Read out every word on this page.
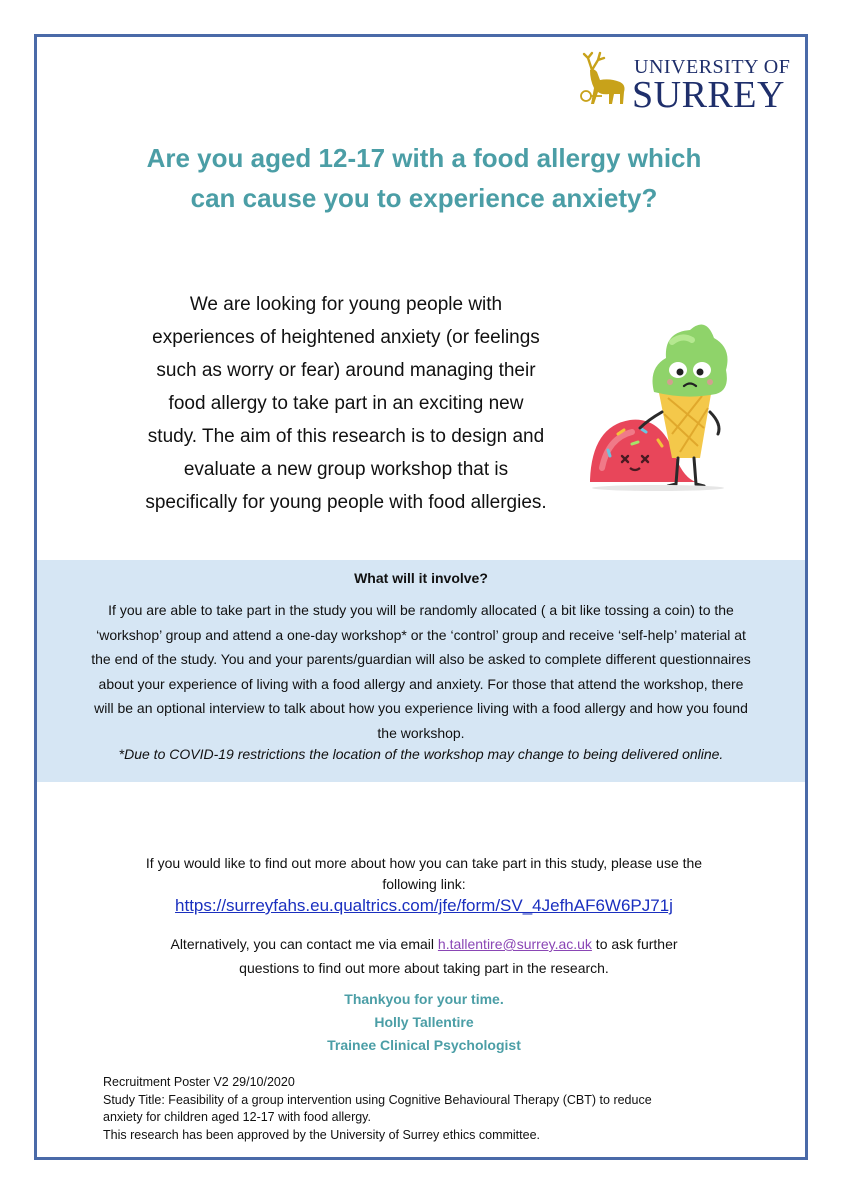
UNIVERSITY OF
SURREY
Are you aged 12-17 with a food allergy which
can cause you to experience anxiety?

We are looking for young people with
experiences of heightened anxiety (or feelings
such as worry or fear) around managing their
food allergy to take part in an exciting new
study. The aim of this research is to design and
evaluate a new group workshop that is
specifically for young people with food allergies.

What will it involve?

If you are able to take part in the study you will be randomly allocated ( a bit like tossing a coin) to the
‘workshop’ group and attend a one-day workshop* or the ‘control’ group and receive ‘self-help’ material at
the end of the study. You and your parents/guardian will also be asked to complete different questionnaires
about your experience of living with a food allergy and anxiety. For those that attend the workshop, there
will be an optional interview to talk about how you experience living with a food allergy and how you found
the workshop.

*Due to COVID-19 restrictions the location of the workshop may change to being delivered online.

If you would like to find out more about how you can take part in this study, please use the
following link:

https://surreyfahs.eu.qualtrics.com/jfe/form/SV_4JefhAF6W6PJ71j

Alternatively, you can contact me via email h.tallentire@surrey.ac.uk to ask further
questions to find out more about taking part in the research.

Thankyou for your time.
Holly Tallentire
Trainee Clinical Psychologist

Recruitment Poster V2 29/10/2020
Study Title: Feasibility of a group intervention using Cognitive Behavioural Therapy (CBT) to reduce
anxiety for children aged 12-17 with food allergy.
This research has been approved by the University of Surrey ethics committee.
